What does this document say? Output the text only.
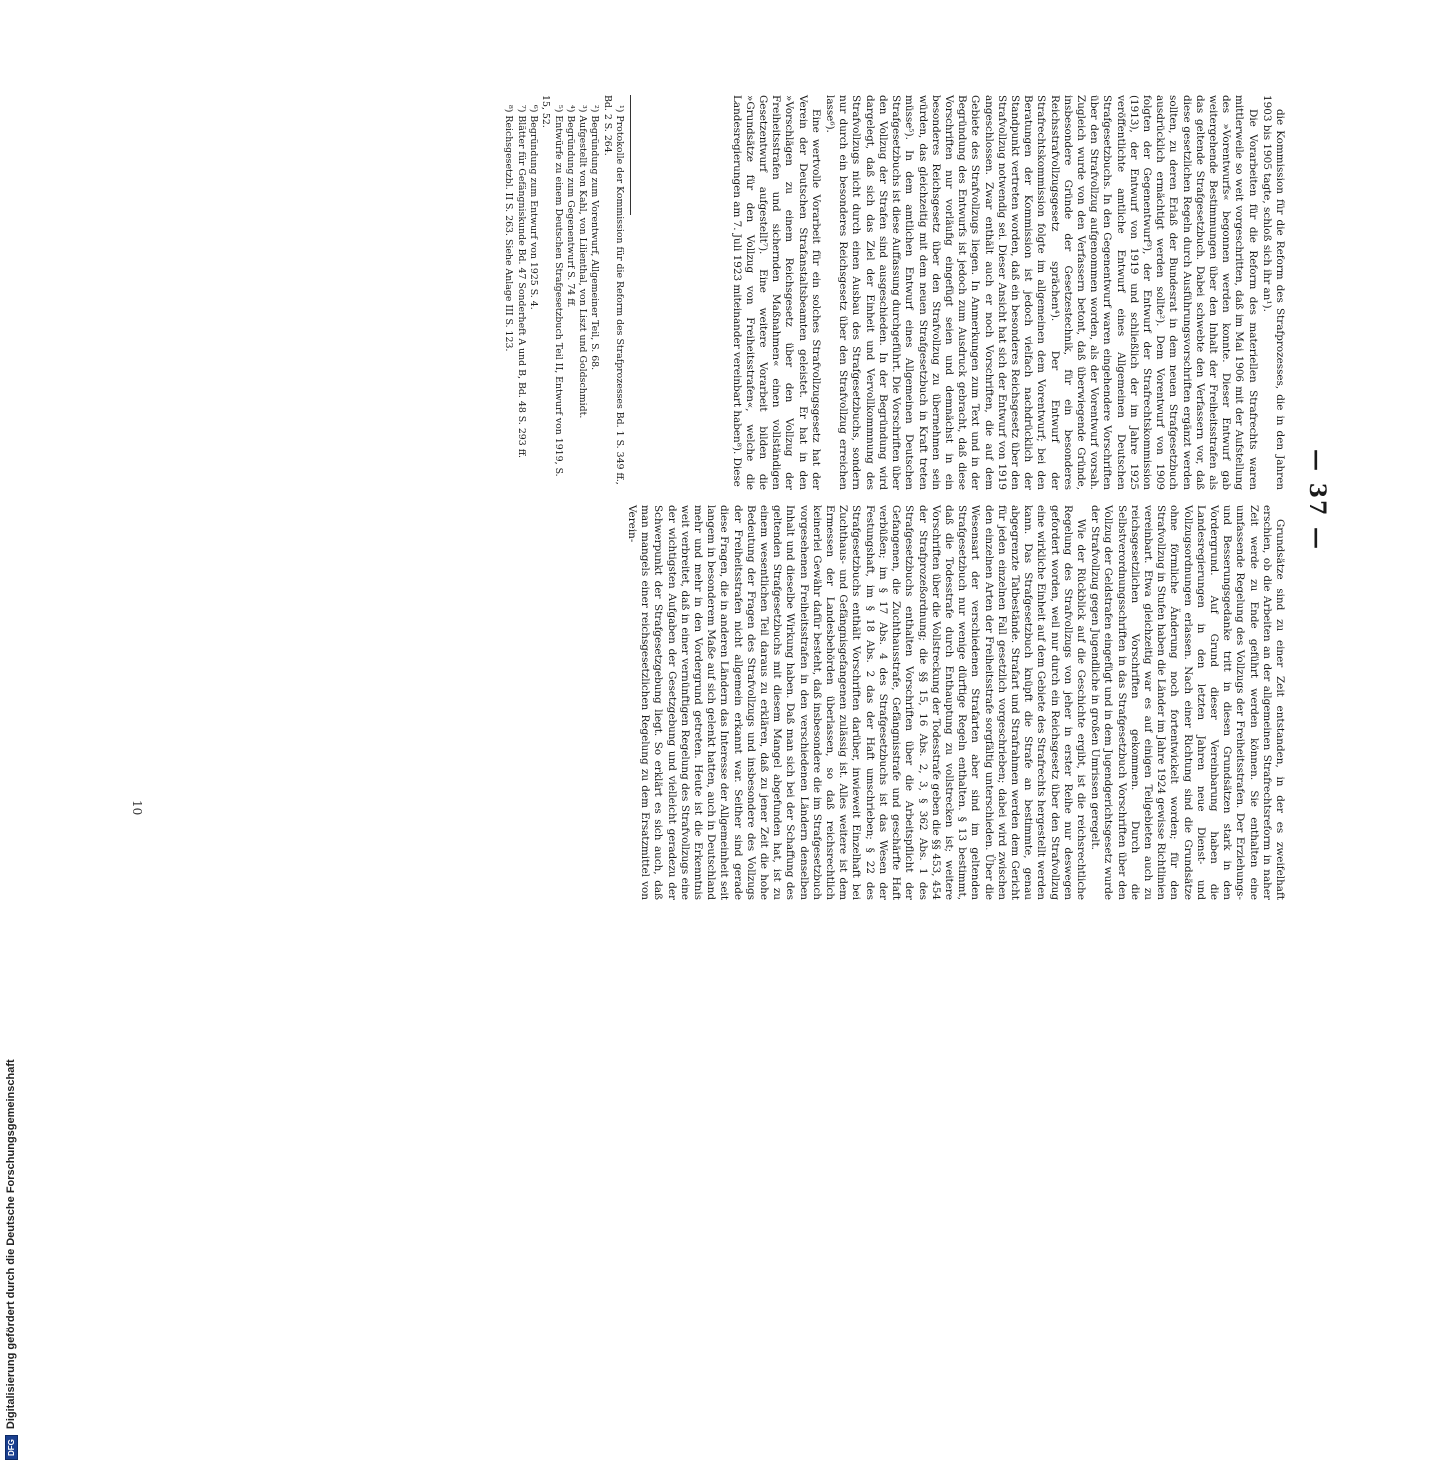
— 37 —

die Kommission für die Reform des Strafprozesses, die in den Jahren 1903 bis 1905 tagte, schloß sich ihr an¹).

Die Vorarbeiten für die Reform des materiellen Strafrechts waren mittlerweile so weit vorgeschritten, daß im Mai 1906 mit der Aufstellung des »Vorentwurfs« begonnen werden konnte. Dieser Entwurf gab weitergehende Bestimmungen über den Inhalt der Freiheitsstrafen als das geltende Strafgesetzbuch. Dabei schwebte den Verfassern vor, daß diese gesetzlichen Regeln durch Ausführungsvorschriften ergänzt werden sollten, zu deren Erlaß der Bundesrat in dem neuen Strafgesetzbuch ausdrücklich ermächtigt werden sollte²). Dem Vorentwurf von 1909 folgten der Gegenentwurf³), der Entwurf der Strafrechtskommission (1913), der Entwurf von 1919 und schließlich der im Jahre 1925 veröffentlichte amtliche Entwurf eines Allgemeinen Deutschen Strafgesetzbuchs. In den Gegenentwurf waren eingehendere Vorschriften über den Strafvollzug aufgenommen worden, als der Vorentwurf vorsah. Zugleich wurde von den Verfassern betont, daß überwiegende Gründe, insbesondere Gründe der Gesetzestechnik, für ein besonderes Reichsstrafvollzugsgesetz sprächen⁴). Der Entwurf der Strafrechtskommission folgte im allgemeinen dem Vorentwurf; bei den Beratungen der Kommission ist jedoch vielfach nachdrücklich der Standpunkt vertreten worden, daß ein besonderes Reichsgesetz über den Strafvollzug notwendig sei. Dieser Ansicht hat sich der Entwurf von 1919 angeschlossen. Zwar enthält auch er noch Vorschriften, die auf dem Gebiete des Strafvollzugs liegen. In Anmerkungen zum Text und in der Begründung des Entwurfs ist jedoch zum Ausdruck gebracht, daß diese Vorschriften nur vorläufig eingefügt seien und demnächst in ein besonderes Reichsgesetz über den Strafvollzug zu übernehmen sein würden, das gleichzeitig mit dem neuen Strafgesetzbuch in Kraft treten müsse⁵). In dem amtlichen Entwurf eines Allgemeinen Deutschen Strafgesetzbuchs ist diese Auffassung durchgeführt. Die Vorschriften über den Vollzug der Strafen sind ausgeschieden. In der Begründung wird dargelegt, daß sich das Ziel der Einheit und Vervollkommnung des Strafvollzugs nicht durch einen Ausbau des Strafgesetzbuchs, sondern nur durch ein besonderes Reichsgesetz über den Strafvollzug erreichen lasse⁶).

Eine wertvolle Vorarbeit für ein solches Strafvollzugsgesetz hat der Verein der Deutschen Strafanstaltsbeamten geleistet. Er hat in den »Vorschlägen zu einem Reichsgesetz über den Vollzug der Freiheitsstrafen und sichernden Maßnahmen« einen vollständigen Gesetzentwurf aufgestellt⁷). Eine weitere Vorarbeit bilden die »Grundsätze für den Vollzug von Freiheitsstrafen«, welche die Landesregierungen am 7. Juli 1923 miteinander vereinbart haben⁸). Diese

¹) Protokolle der Kommission für die Reform des Strafprozesses Bd. 1 S. 349 ff., Bd. 2 S. 264.
²) Begründung zum Vorentwurf, Allgemeiner Teil, S. 68.
³) Aufgestellt von Kahl, von Lilienthal, von Liszt und Goldschmidt.
⁴) Begründung zum Gegenentwurf S. 74 ff.
⁵) Entwürfe zu einem Deutschen Strafgesetzbuch Teil II, Entwurf von 1919, S. 15, 52.
⁶) Begründung zum Entwurf von 1925 S. 4.
⁷) Blätter für Gefängniskunde Bd. 47 Sonderheft A und B, Bd. 48 S. 293 ff.
⁸) Reichsgesetzbl. II S. 263. Siehe Anlage III S. 123.

Grundsätze sind zu einer Zeit entstanden, in der es zweifelhaft erschien, ob die Arbeiten an der allgemeinen Strafrechtsreform in naher Zeit werde zu Ende geführt werden können. Sie enthalten eine umfassende Regelung des Vollzugs der Freiheitsstrafen. Der Erziehungs- und Besserungsgedanke tritt in diesen Grundsätzen stark in den Vordergrund. Auf Grund dieser Vereinbarung haben die Landesregierungen in den letzten Jahren neue Dienst- und Vollzugsordnungen erlassen. Nach einer Richtung sind die Grundsätze ohne förmliche Änderung noch fortentwickelt worden; für den Strafvollzug in Stufen haben die Länder im Jahre 1924 gewisse Richtlinien vereinbart. Etwa gleichzeitig war es auf einigen Teilgebieten auch zu reichsgesetzlichen Vorschriften gekommen. Durch die Selbstverordnungsschriften in das Strafgesetzbuch Vorschriften über den Vollzug der Geldstrafen eingefügt und in dem Jugendgerichtsgesetz wurde der Strafvollzug gegen Jugendliche in großen Umrissen geregelt.

Wie der Rückblick auf die Geschichte ergibt, ist die reichsrechtliche Regelung des Strafvollzugs von jeher in erster Reihe nur deswegen gefordert worden, weil nur durch ein Reichsgesetz über den Strafvollzug eine wirkliche Einheit auf dem Gebiete des Strafrechts hergestellt werden kann. Das Strafgesetzbuch knüpft die Strafe an bestimmte, genau abgegrenzte Tatbestände. Strafart und Strafrahmen werden dem Gericht für jeden einzelnen Fall gesetzlich vorgeschrieben; dabei wird zwischen den einzelnen Arten der Freiheitsstrafe sorgfältig unterschieden. Über die Wesensart der verschiedenen Strafarten aber sind im geltenden Strafgesetzbuch nur wenige dürftige Regeln enthalten. § 13 bestimmt, daß die Todesstrafe durch Enthauptung zu vollstrecken ist; weitere Vorschriften über die Vollstreckung der Todesstrafe geben die §§ 453, 454 der Strafprozeßordnung; die §§ 15, 16 Abs. 2, 3, § 362 Abs. 1 des Strafgesetzbuchs enthalten Vorschriften über die Arbeitspflicht der Gefangenen, die Zuchthausstrafe, Gefängnisstrafe und geschärfte Haft verbüßen; im § 17 Abs. 4 des Strafgesetzbuchs ist das Wesen der Festungshaft, im § 18 Abs. 2 das der Haft umschrieben; § 22 des Strafgesetzbuchs enthält Vorschriften darüber, inwieweit Einzelhaft bei Zuchthaus- und Gefängnisgefangenen zulässig ist. Alles weitere ist dem Ermessen der Landesbehörden überlassen, so daß reichsrechtlich keinerlei Gewähr dafür besteht, daß insbesondere die im Strafgesetzbuch vorgesehenen Freiheitsstrafen in den verschiedenen Ländern denselben Inhalt und dieselbe Wirkung haben. Daß man sich bei der Schaffung des geltenden Strafgesetzbuchs mit diesem Mangel abgefunden hat, ist zu einem wesentlichen Teil daraus zu erklären, daß zu jener Zeit die hohe Bedeutung der Fragen des Strafvollzugs und insbesondere des Vollzugs der Freiheitsstrafen nicht allgemein erkannt war. Seither sind gerade diese Fragen, die in anderen Ländern das Interesse der Allgemeinheit seit langem in besonderem Maße auf sich gelenkt hatten, auch in Deutschland mehr und mehr in den Vordergrund getreten. Heute ist die Erkenntnis weit verbreitet, daß in einer vernünftigen Regelung des Strafvollzugs eine der wichtigsten Aufgaben der Gesetzgebung und vielleicht geradezu der Schwerpunkt der Strafgesetzgebung liegt. So erklärt es sich auch, daß man mangels einer reichsgesetzlichen Regelung zu dem Ersatzmittel von Verein-

10
DFG
Digitalisierung gefördert durch die Deutsche Forschungsgemeinschaft
